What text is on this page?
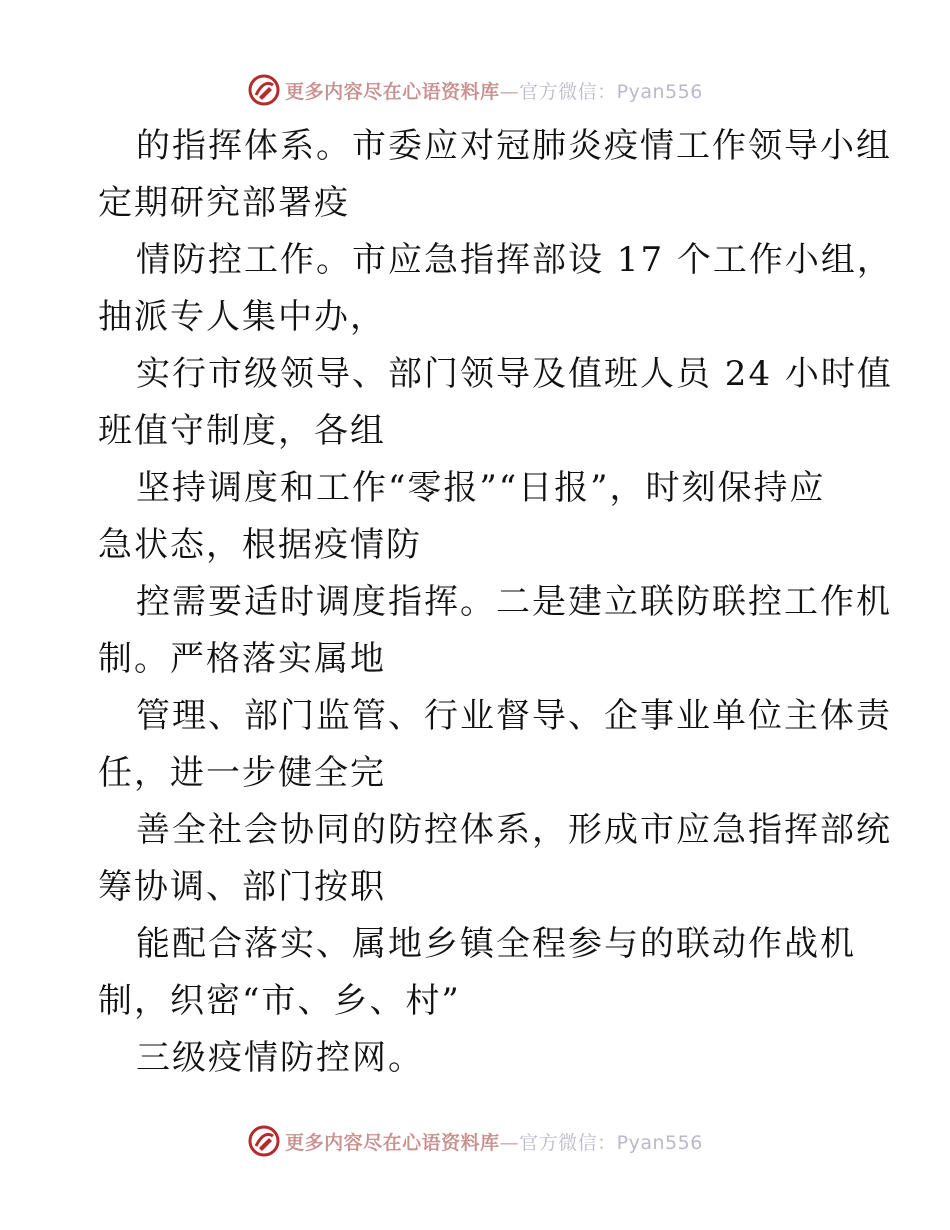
更多内容尽在心语资料库—官方微信：Pyan556

的指挥体系。市委应对冠肺炎疫情工作领导小组
定期研究部署疫

情防控工作。市应急指挥部设 17 个工作小组，
抽派专人集中办，

实行市级领导、部门领导及值班人员 24 小时值
班值守制度，各组

坚持调度和工作“零报”“日报”，时刻保持应
急状态，根据疫情防

控需要适时调度指挥。二是建立联防联控工作机
制。严格落实属地

管理、部门监管、行业督导、企事业单位主体责
任，进一步健全完

善全社会协同的防控体系，形成市应急指挥部统
筹协调、部门按职

能配合落实、属地乡镇全程参与的联动作战机
制，织密“市、乡、村”

三级疫情防控网。

更多内容尽在心语资料库—官方微信：Pyan556
